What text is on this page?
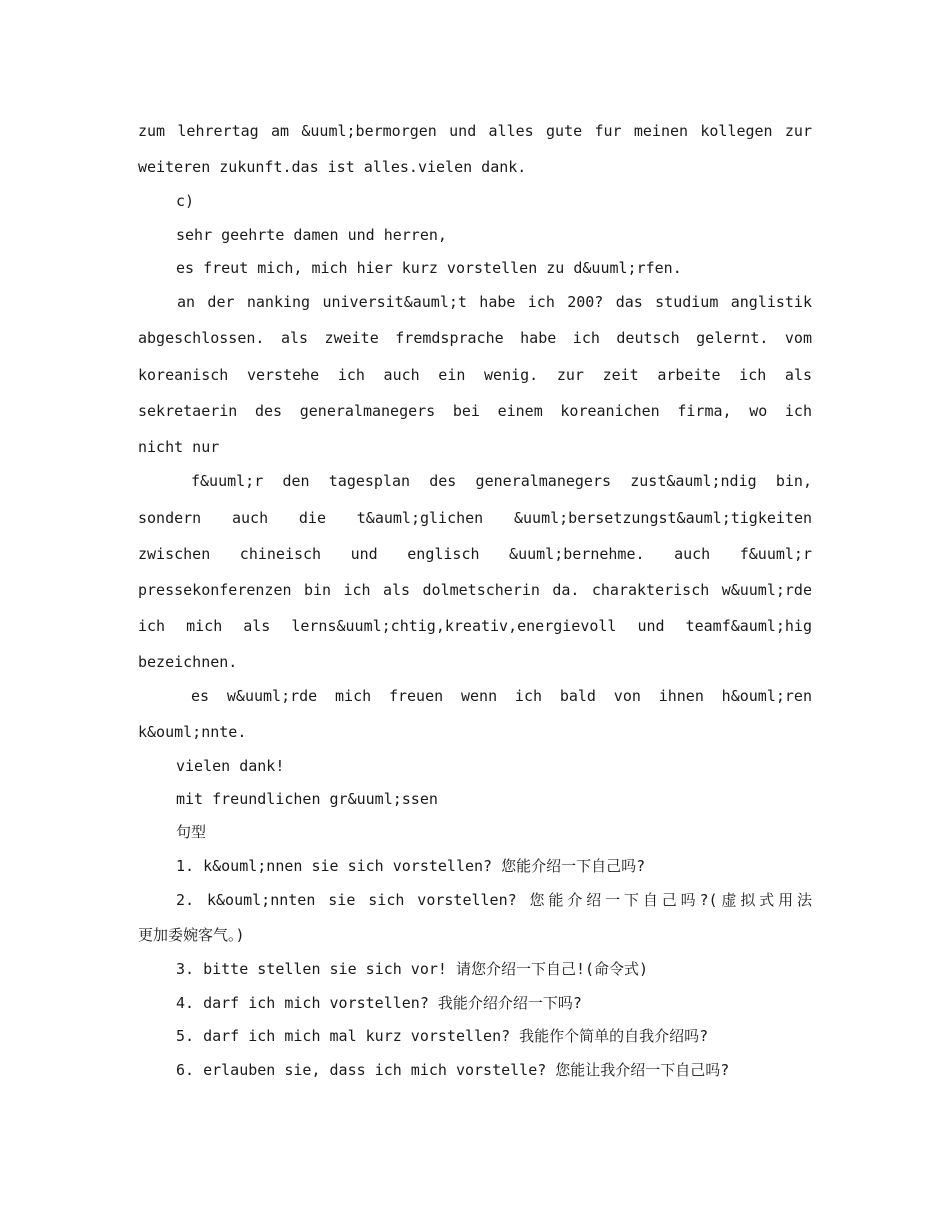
zum lehrertag am &uuml;bermorgen und alles gute fur meinen kollegen zur
weiteren zukunft.das ist alles.vielen dank.
c)
sehr geehrte damen und herren,
es freut mich, mich hier kurz vorstellen zu d&uuml;rfen.
an der nanking universit&auml;t habe ich 200? das studium anglistik
abgeschlossen. als zweite fremdsprache habe ich deutsch gelernt. vom
koreanisch verstehe ich auch ein wenig. zur zeit arbeite ich als
sekretaerin des generalmanegers bei einem koreanichen firma, wo ich
nicht nur
f&uuml;r den tagesplan des generalmanegers zust&auml;ndig bin,
sondern auch die t&auml;glichen &uuml;bersetzungst&auml;tigkeiten
zwischen chineisch und englisch &uuml;bernehme. auch f&uuml;r
pressekonferenzen bin ich als dolmetscherin da. charakterisch w&uuml;rde
ich mich als lerns&uuml;chtig,kreativ,energievoll und teamf&auml;hig
bezeichnen.
es w&uuml;rde mich freuen wenn ich bald von ihnen h&ouml;ren
k&ouml;nnte.
vielen dank!
mit freundlichen gr&uuml;ssen
句型
1. k&ouml;nnen sie sich vorstellen? 您能介绍一下自己吗?
2. k&ouml;nnten sie sich vorstellen? 您能介绍一下自己吗?(虚拟式用法
更加委婉客气。)
3. bitte stellen sie sich vor! 请您介绍一下自己!(命令式)
4. darf ich mich vorstellen? 我能介绍介绍一下吗?
5. darf ich mich mal kurz vorstellen? 我能作个简单的自我介绍吗?
6. erlauben sie, dass ich mich vorstelle? 您能让我介绍一下自己吗?
